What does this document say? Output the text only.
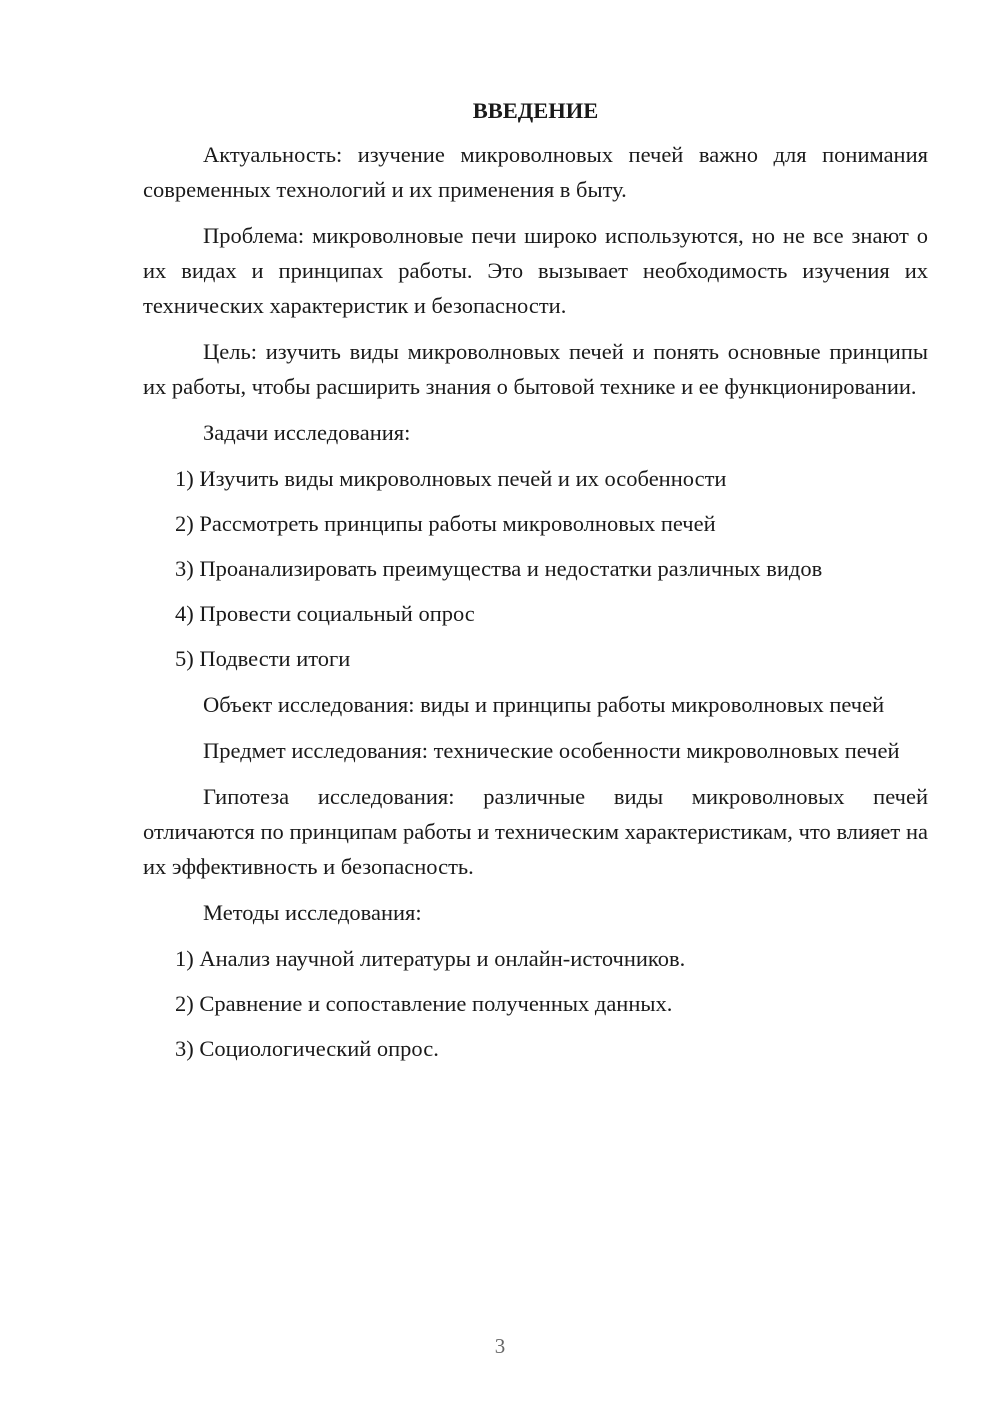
ВВЕДЕНИЕ

Актуальность: изучение микроволновых печей важно для понимания современных технологий и их применения в быту.

Проблема: микроволновые печи широко используются, но не все знают о их видах и принципах работы. Это вызывает необходимость изучения их технических характеристик и безопасности.

Цель: изучить виды микроволновых печей и понять основные принципы их работы, чтобы расширить знания о бытовой технике и ее функционировании.

Задачи исследования:

1) Изучить виды микроволновых печей и их особенности
2) Рассмотреть принципы работы микроволновых печей
3) Проанализировать преимущества и недостатки различных видов
4) Провести социальный опрос
5) Подвести итоги

Объект исследования: виды и принципы работы микроволновых печей

Предмет исследования: технические особенности микроволновых печей

Гипотеза исследования: различные виды микроволновых печей отличаются по принципам работы и техническим характеристикам, что влияет на их эффективность и безопасность.

Методы исследования:

1) Анализ научной литературы и онлайн-источников.
2) Сравнение и сопоставление полученных данных.
3) Социологический опрос.
3
